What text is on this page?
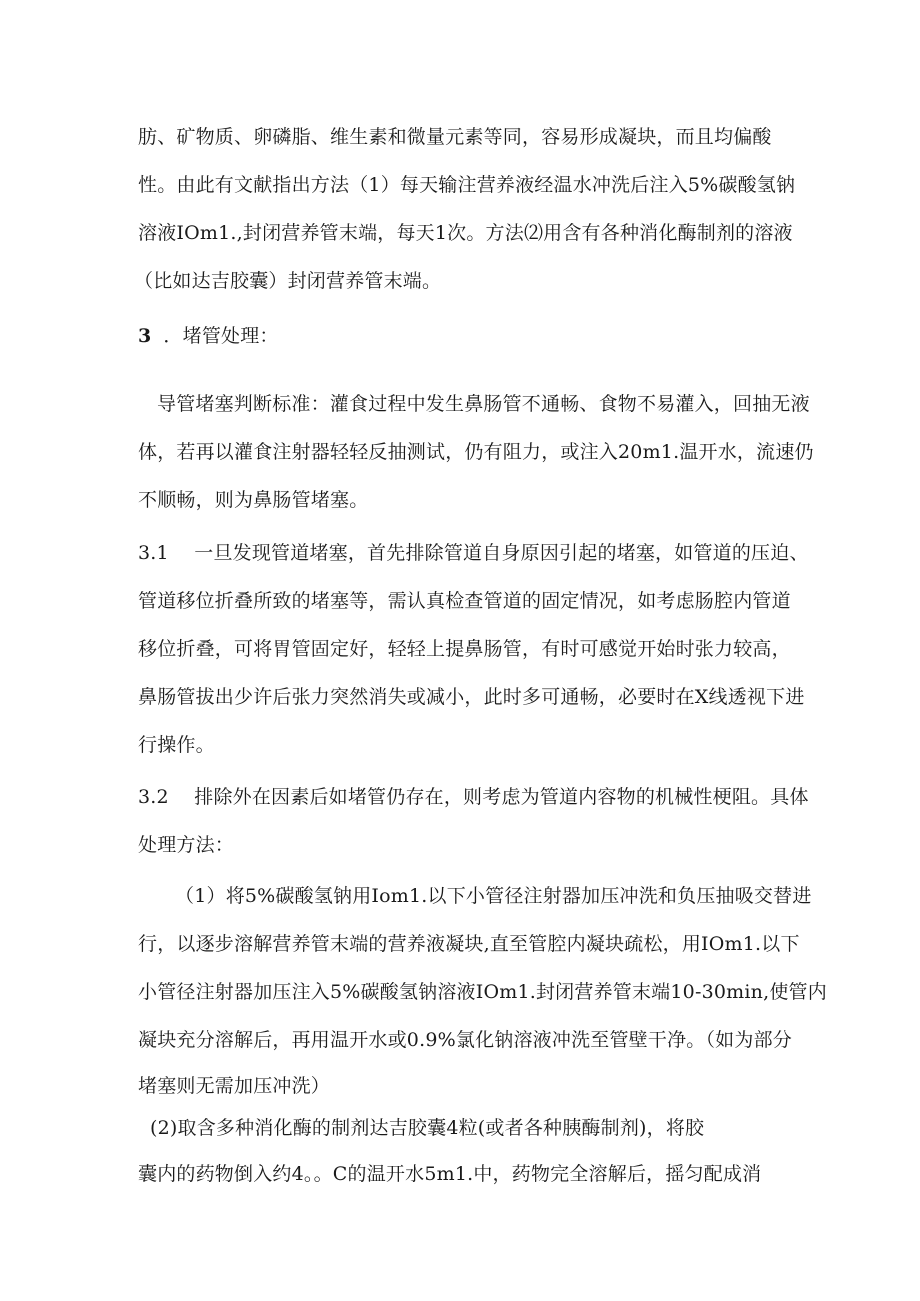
肪、矿物质、卵磷脂、维生素和微量元素等同，容易形成凝块，而且均偏酸
性。由此有文献指出方法（1）每天输注营养液经温水冲洗后注入5%碳酸氢钠
溶液IOm1.,封闭营养管末端，每天1次。方法⑵用含有各种消化酶制剂的溶液
（比如达吉胶囊）封闭营养管末端。
3 ．堵管处理：
导管堵塞判断标准：灌食过程中发生鼻肠管不通畅、食物不易灌入，回抽无液
体，若再以灌食注射器轻轻反抽测试，仍有阻力，或注入20m1.温开水，流速仍
不顺畅，则为鼻肠管堵塞。
3.1　 一旦发现管道堵塞，首先排除管道自身原因引起的堵塞，如管道的压迫、
管道移位折叠所致的堵塞等，需认真检查管道的固定情况，如考虑肠腔内管道
移位折叠，可将胃管固定好，轻轻上提鼻肠管，有时可感觉开始时张力较高，
鼻肠管拔出少许后张力突然消失或减小，此时多可通畅，必要时在X线透视下进
行操作。
3.2　 排除外在因素后如堵管仍存在，则考虑为管道内容物的机械性梗阻。具体
处理方法：
（1）将5%碳酸氢钠用Iom1.以下小管径注射器加压冲洗和负压抽吸交替进
行，以逐步溶解营养管末端的营养液凝块,直至管腔内凝块疏松，用IOm1.以下
小管径注射器加压注入5%碳酸氢钠溶液IOm1.封闭营养管末端10-30min,使管内
凝块充分溶解后，再用温开水或0.9%氯化钠溶液冲洗至管壁干净。（如为部分
堵塞则无需加压冲洗）
(2)取含多种消化酶的制剂达吉胶囊4粒(或者各种胰酶制剂)，将胶
囊内的药物倒入约4。。C的温开水5m1.中，药物完全溶解后，摇匀配成消
